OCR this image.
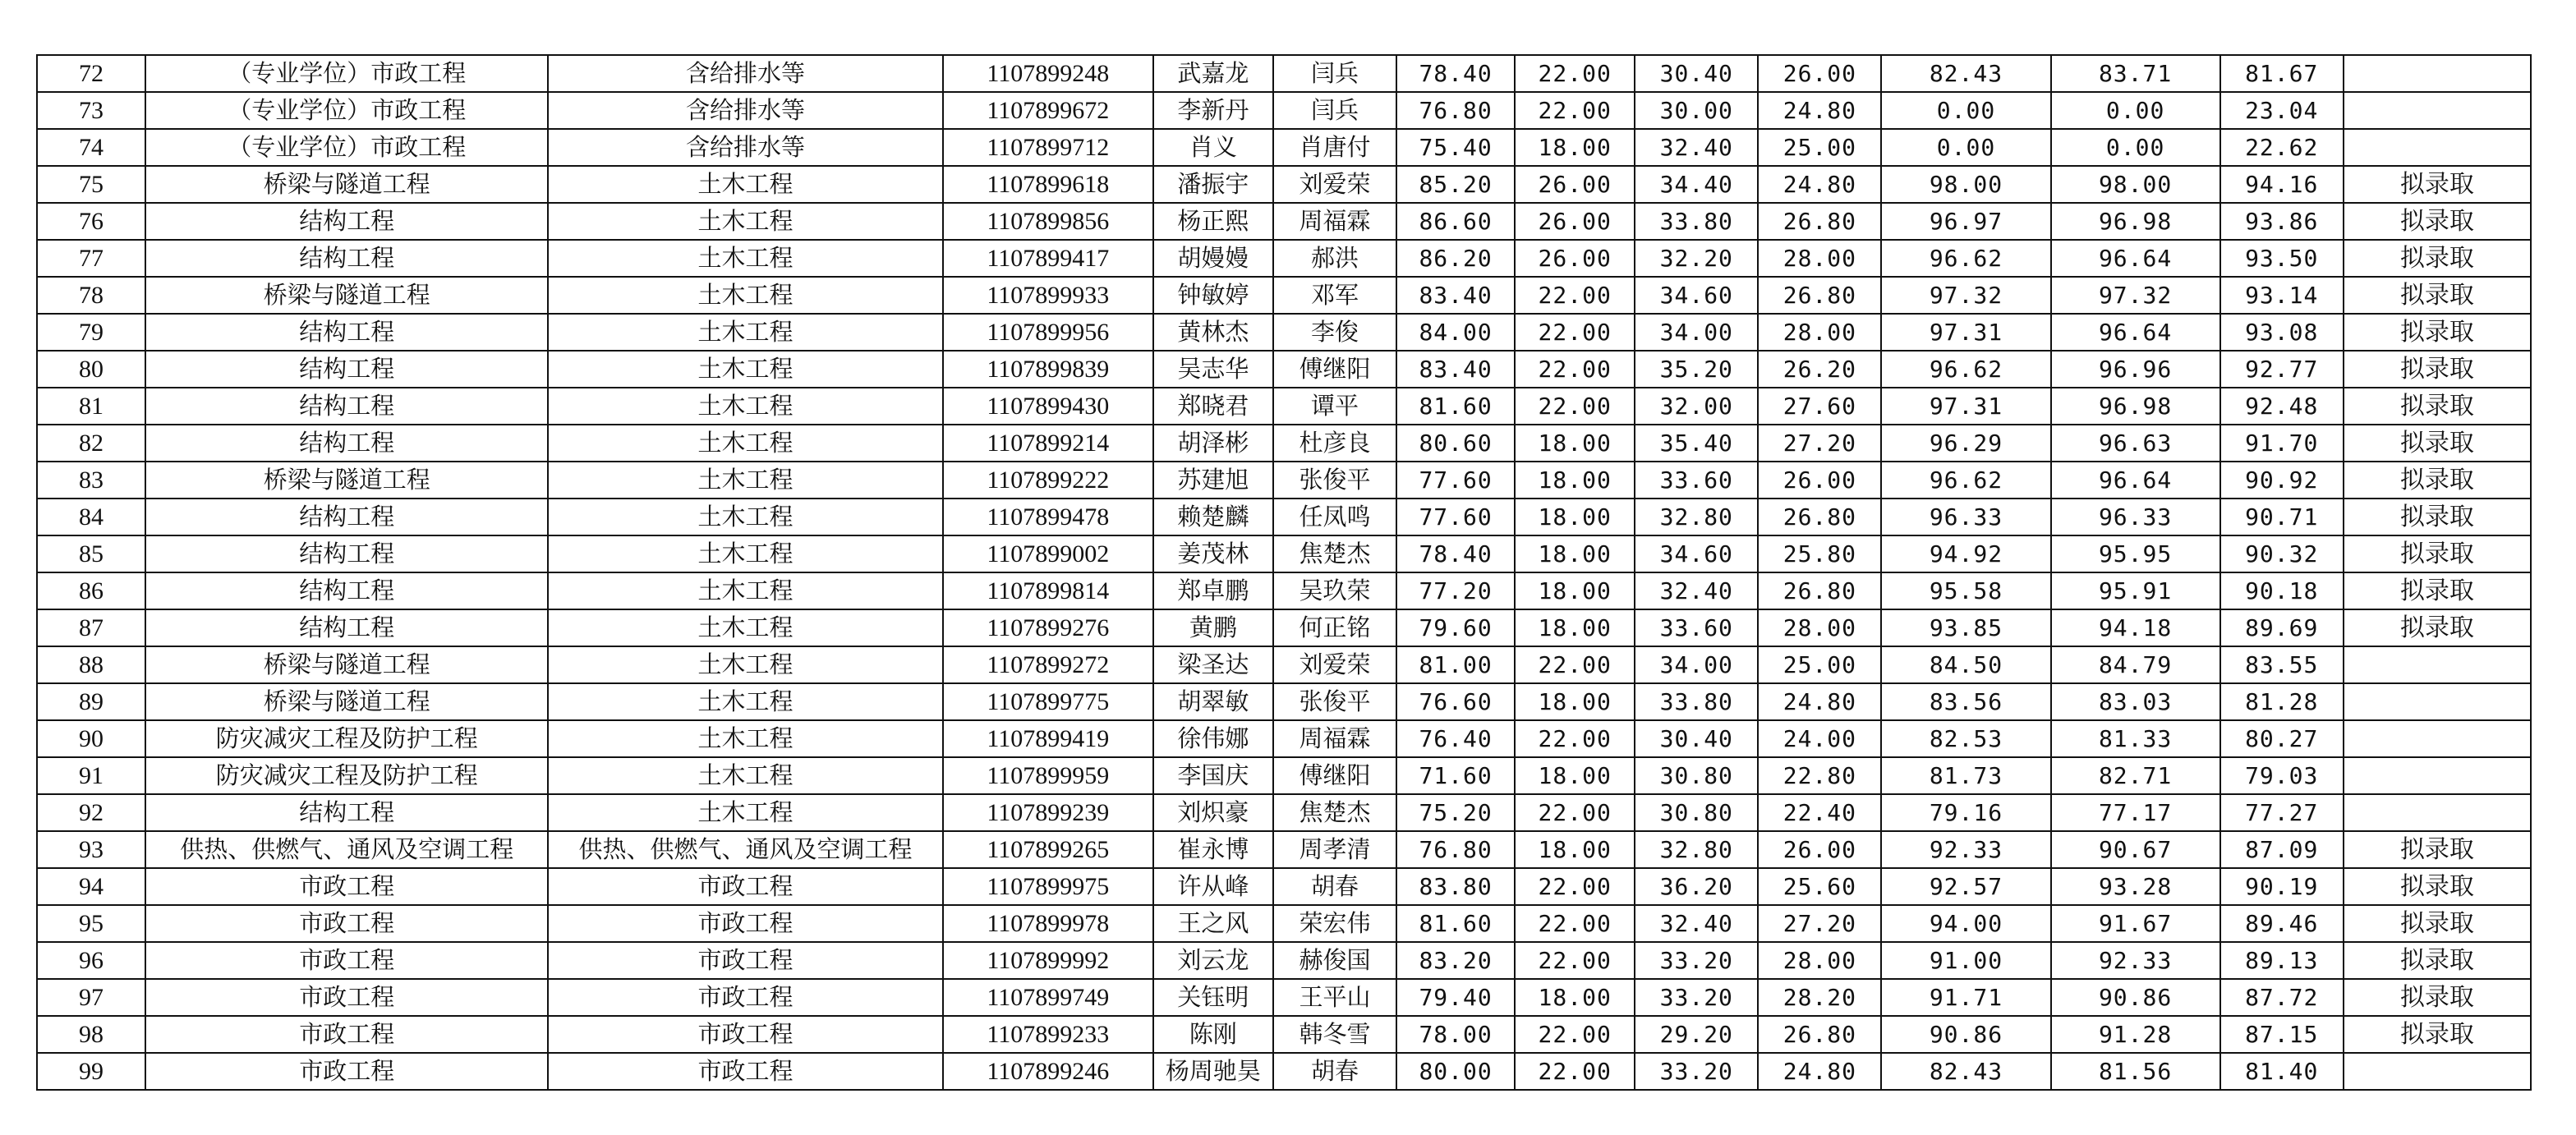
72	（专业学位）市政工程	含给排水等	1107899248	武嘉龙	闫兵	78.40	22.00	30.40	26.00	82.43	83.71	81.67	
73	（专业学位）市政工程	含给排水等	1107899672	李新丹	闫兵	76.80	22.00	30.00	24.80	0.00	0.00	23.04	
74	（专业学位）市政工程	含给排水等	1107899712	肖义	肖唐付	75.40	18.00	32.40	25.00	0.00	0.00	22.62	
75	桥梁与隧道工程	土木工程	1107899618	潘振宇	刘爱荣	85.20	26.00	34.40	24.80	98.00	98.00	94.16	拟录取
76	结构工程	土木工程	1107899856	杨正熙	周福霖	86.60	26.00	33.80	26.80	96.97	96.98	93.86	拟录取
77	结构工程	土木工程	1107899417	胡嫚嫚	郝洪	86.20	26.00	32.20	28.00	96.62	96.64	93.50	拟录取
78	桥梁与隧道工程	土木工程	1107899933	钟敏婷	邓军	83.40	22.00	34.60	26.80	97.32	97.32	93.14	拟录取
79	结构工程	土木工程	1107899956	黄林杰	李俊	84.00	22.00	34.00	28.00	97.31	96.64	93.08	拟录取
80	结构工程	土木工程	1107899839	吴志华	傅继阳	83.40	22.00	35.20	26.20	96.62	96.96	92.77	拟录取
81	结构工程	土木工程	1107899430	郑晓君	谭平	81.60	22.00	32.00	27.60	97.31	96.98	92.48	拟录取
82	结构工程	土木工程	1107899214	胡泽彬	杜彦良	80.60	18.00	35.40	27.20	96.29	96.63	91.70	拟录取
83	桥梁与隧道工程	土木工程	1107899222	苏建旭	张俊平	77.60	18.00	33.60	26.00	96.62	96.64	90.92	拟录取
84	结构工程	土木工程	1107899478	赖楚麟	任凤鸣	77.60	18.00	32.80	26.80	96.33	96.33	90.71	拟录取
85	结构工程	土木工程	1107899002	姜茂林	焦楚杰	78.40	18.00	34.60	25.80	94.92	95.95	90.32	拟录取
86	结构工程	土木工程	1107899814	郑卓鹏	吴玖荣	77.20	18.00	32.40	26.80	95.58	95.91	90.18	拟录取
87	结构工程	土木工程	1107899276	黄鹏	何正铭	79.60	18.00	33.60	28.00	93.85	94.18	89.69	拟录取
88	桥梁与隧道工程	土木工程	1107899272	梁圣达	刘爱荣	81.00	22.00	34.00	25.00	84.50	84.79	83.55	
89	桥梁与隧道工程	土木工程	1107899775	胡翠敏	张俊平	76.60	18.00	33.80	24.80	83.56	83.03	81.28	
90	防灾减灾工程及防护工程	土木工程	1107899419	徐伟娜	周福霖	76.40	22.00	30.40	24.00	82.53	81.33	80.27	
91	防灾减灾工程及防护工程	土木工程	1107899959	李国庆	傅继阳	71.60	18.00	30.80	22.80	81.73	82.71	79.03	
92	结构工程	土木工程	1107899239	刘炽豪	焦楚杰	75.20	22.00	30.80	22.40	79.16	77.17	77.27	
93	供热、供燃气、通风及空调工程	供热、供燃气、通风及空调工程	1107899265	崔永博	周孝清	76.80	18.00	32.80	26.00	92.33	90.67	87.09	拟录取
94	市政工程	市政工程	1107899975	许从峰	胡春	83.80	22.00	36.20	25.60	92.57	93.28	90.19	拟录取
95	市政工程	市政工程	1107899978	王之风	荣宏伟	81.60	22.00	32.40	27.20	94.00	91.67	89.46	拟录取
96	市政工程	市政工程	1107899992	刘云龙	赫俊国	83.20	22.00	33.20	28.00	91.00	92.33	89.13	拟录取
97	市政工程	市政工程	1107899749	关钰明	王平山	79.40	18.00	33.20	28.20	91.71	90.86	87.72	拟录取
98	市政工程	市政工程	1107899233	陈刚	韩冬雪	78.00	22.00	29.20	26.80	90.86	91.28	87.15	拟录取
99	市政工程	市政工程	1107899246	杨周驰昊	胡春	80.00	22.00	33.20	24.80	82.43	81.56	81.40	
